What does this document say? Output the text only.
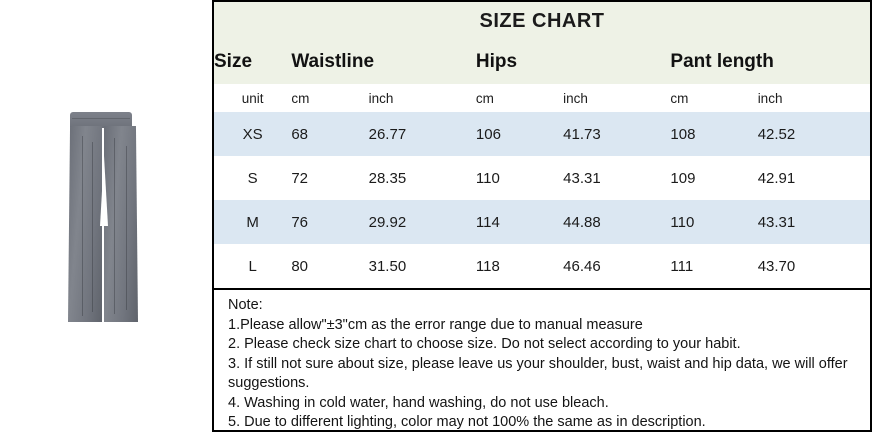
SIZE CHART
Size	Waistline		Hips		Pant length	
unit	cm	inch	cm	inch	cm	inch
XS	68	26.77	106	41.73	108	42.52
S	72	28.35	110	43.31	109	42.91
M	76	29.92	114	44.88	110	43.31
L	80	31.50	118	46.46	111	43.70
Note:
1.Please allow"±3"cm as the error range due to manual measure
2. Please check size chart to choose size. Do not select according to your habit.
3. If still not sure about size, please leave us your shoulder, bust, waist and hip data, we will offer suggestions.
4. Washing in cold water, hand washing, do not use bleach.
5. Due to different lighting, color may not 100% the same as in description.
